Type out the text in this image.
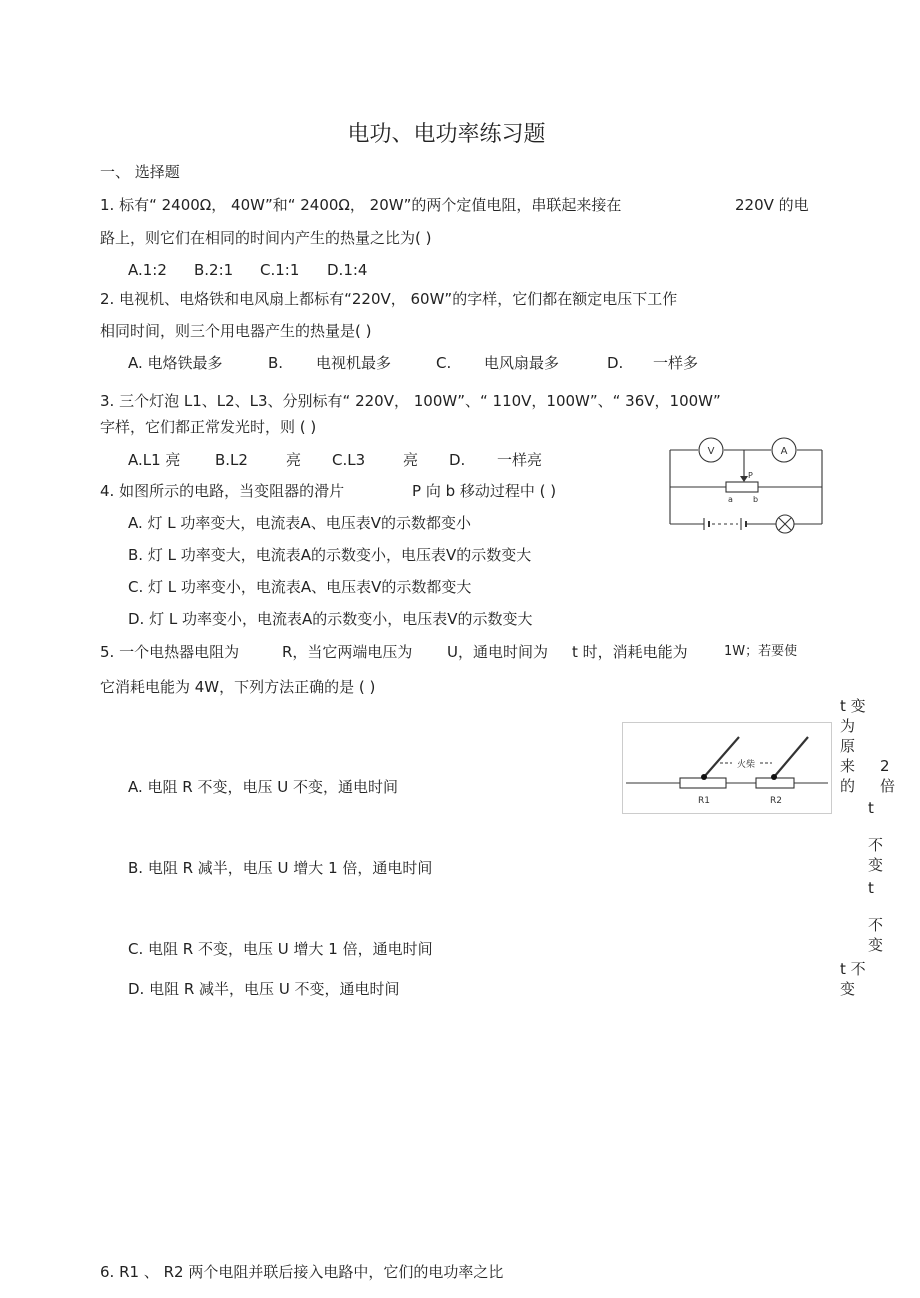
电功、电功率练习题
一、 选择题
1. 标有“ 2400Ω， 40W”和“ 2400Ω， 20W”的两个定值电阻，串联起来接在	220V 的电
路上，则它们在相同的时间内产生的热量之比为( )
A.1:2 B.2:1 C.1:1 D.1:4
2. 电视机、电烙铁和电风扇上都标有“220V， 60W”的字样，它们都在额定电压下工作
相同时间，则三个用电器产生的热量是( )
A. 电烙铁最多	B. 电视机最多	C. 电风扇最多	D. 一样多
3. 三个灯泡 L1、L2、L3、分别标有“ 220V， 100W”、“ 110V，100W”、“ 36V，100W”
字样，它们都正常发光时，则 ( )
A.L1 亮 B.L2	亮 C.L3	亮 D. 一样亮
4. 如图所示的电路，当变阻器的滑片	P 向 b 移动过程中 ( )
A. 灯 L 功率变大，电流表A、电压表V的示数都变小
B. 灯 L 功率变大，电流表A的示数变小，电压表V的示数变大
C. 灯 L 功率变小，电流表A、电压表V的示数都变大
D. 灯 L 功率变小，电流表A的示数变小，电压表V的示数变大
V	A
P
a	b
5. 一个电热器电阻为	R，当它两端电压为 U，通电时间为 t 时，消耗电能为	1W；若要使
它消耗电能为 4W，下列方法正确的是 ( )
A. 电阻 R 不变，电压 U 不变，通电时间
B. 电阻 R 减半，电压 U 增大 1 倍，通电时间
C. 电阻 R 不变，电压 U 增大 1 倍，通电时间
D. 电阻 R 减半，电压 U 不变，通电时间
t 变
为
原
来 2
的 倍
t
不
变
t
不
变
t 不
变
火柴
R1	R2
6. R1 、 R2 两个电阻并联后接入电路中，它们的电功率之比
